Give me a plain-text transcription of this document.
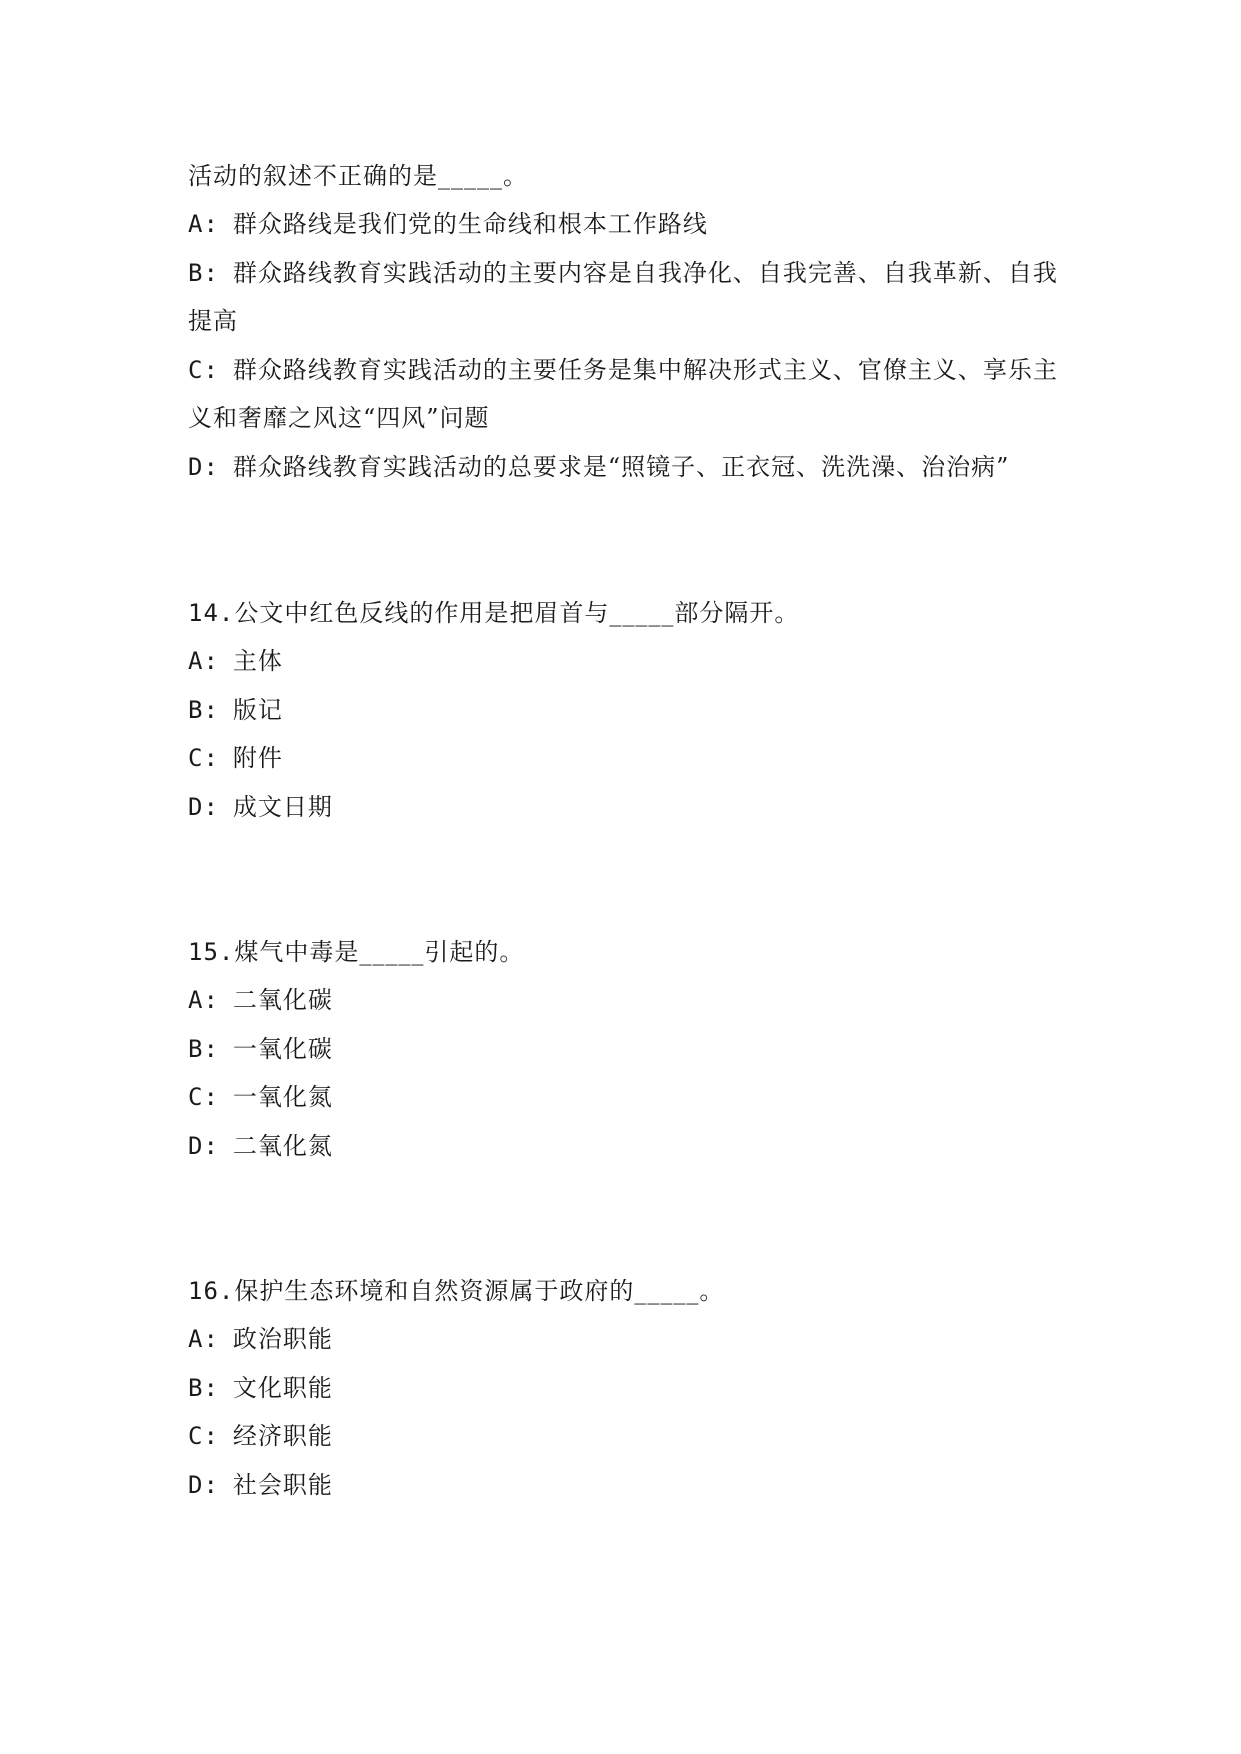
活动的叙述不正确的是_____。
A: 群众路线是我们党的生命线和根本工作路线
B: 群众路线教育实践活动的主要内容是自我净化、自我完善、自我革新、自我
提高
C: 群众路线教育实践活动的主要任务是集中解决形式主义、官僚主义、享乐主
义和奢靡之风这“四风”问题
D: 群众路线教育实践活动的总要求是“照镜子、正衣冠、洗洗澡、治治病”
14.公文中红色反线的作用是把眉首与_____部分隔开。
A: 主体
B: 版记
C: 附件
D: 成文日期
15.煤气中毒是_____引起的。
A: 二氧化碳
B: 一氧化碳
C: 一氧化氮
D: 二氧化氮
16.保护生态环境和自然资源属于政府的_____。
A: 政治职能
B: 文化职能
C: 经济职能
D: 社会职能
